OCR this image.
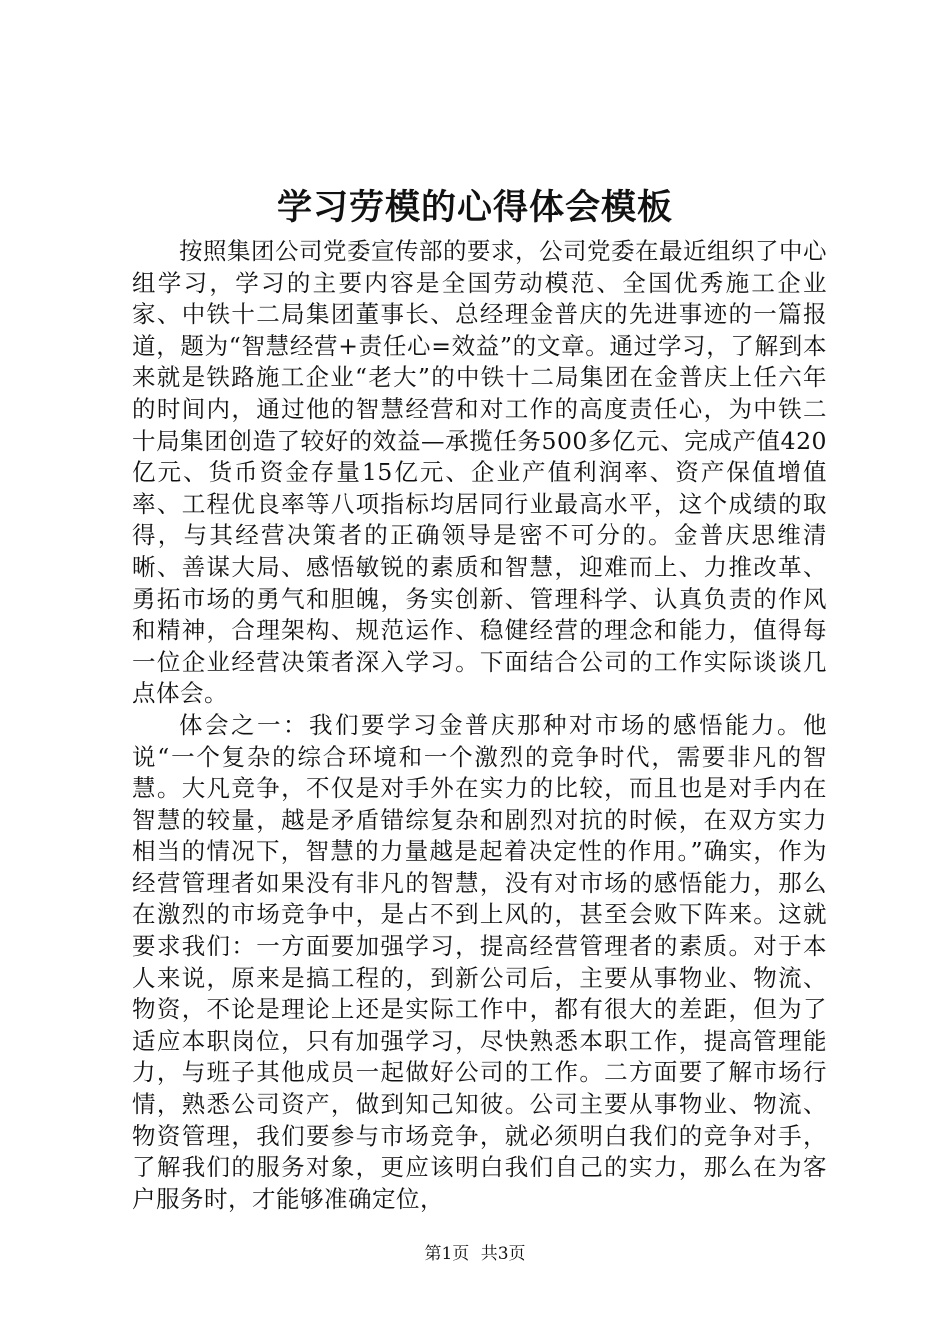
学习劳模的心得体会模板

按照集团公司党委宣传部的要求，公司党委在最近组织了中心组学习，学习的主要内容是全国劳动模范、全国优秀施工企业家、中铁十二局集团董事长、总经理金普庆的先进事迹的一篇报道，题为“智慧经营+责任心=效益”的文章。通过学习，了解到本来就是铁路施工企业“老大”的中铁十二局集团在金普庆上任六年的时间内，通过他的智慧经营和对工作的高度责任心，为中铁二十局集团创造了较好的效益—承揽任务500多亿元、完成产值420亿元、货币资金存量15亿元、企业产值利润率、资产保值增值率、工程优良率等八项指标均居同行业最高水平，这个成绩的取得，与其经营决策者的正确领导是密不可分的。金普庆思维清晰、善谋大局、感悟敏锐的素质和智慧，迎难而上、力推改革、勇拓市场的勇气和胆魄，务实创新、管理科学、认真负责的作风和精神，合理架构、规范运作、稳健经营的理念和能力，值得每一位企业经营决策者深入学习。下面结合公司的工作实际谈谈几点体会。

体会之一：我们要学习金普庆那种对市场的感悟能力。他说“一个复杂的综合环境和一个激烈的竞争时代，需要非凡的智慧。大凡竞争，不仅是对手外在实力的比较，而且也是对手内在智慧的较量，越是矛盾错综复杂和剧烈对抗的时候，在双方实力相当的情况下，智慧的力量越是起着决定性的作用。”确实，作为经营管理者如果没有非凡的智慧，没有对市场的感悟能力，那么在激烈的市场竞争中，是占不到上风的，甚至会败下阵来。这就要求我们：一方面要加强学习，提高经营管理者的素质。对于本人来说，原来是搞工程的，到新公司后，主要从事物业、物流、物资，不论是理论上还是实际工作中，都有很大的差距，但为了适应本职岗位，只有加强学习，尽快熟悉本职工作，提高管理能力，与班子其他成员一起做好公司的工作。二方面要了解市场行情，熟悉公司资产，做到知己知彼。公司主要从事物业、物流、物资管理，我们要参与市场竞争，就必须明白我们的竞争对手，了解我们的服务对象，更应该明白我们自己的实力，那么在为客户服务时，才能够准确定位，

第1页 共3页
